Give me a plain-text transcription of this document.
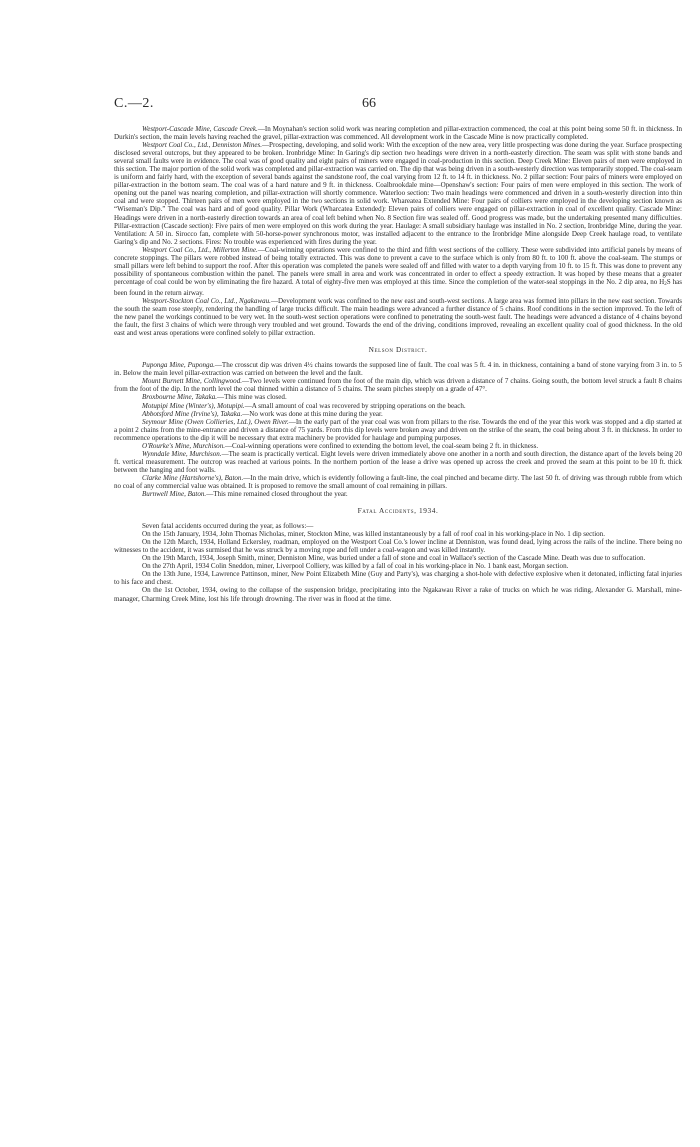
C.—2.	66

Westport-Cascade Mine, Cascade Creek.—In Moynahan's section solid work was nearing completion and pillar-extraction commenced, the coal at this point being some 50 ft. in thickness. In Durkin's section, the main levels having reached the gravel, pillar-extraction was commenced. All development work in the Cascade Mine is now practically completed.

Westport Coal Co., Ltd., Denniston Mines.—Prospecting, developing, and solid work: With the exception of the new area, very little prospecting was done during the year. Surface prospecting disclosed several outcrops, but they appeared to be broken. Ironbridge Mine: In Garing's dip section two headings were driven in a north-easterly direction. The seam was split with stone bands and several small faults were in evidence. The coal was of good quality and eight pairs of miners were engaged in coal-production in this section. Deep Creek Mine: Eleven pairs of men were employed in this section. The major portion of the solid work was completed and pillar-extraction was carried on. The dip that was being driven in a south-westerly direction was temporarily stopped. The coal-seam is uniform and fairly hard, with the exception of several bands against the sandstone roof, the coal varying from 12 ft. to 14 ft. in thickness. No. 2 pillar section: Four pairs of miners were employed on pillar-extraction in the bottom seam. The coal was of a hard nature and 9 ft. in thickness. Coalbrookdale mine—Openshaw's section: Four pairs of men were employed in this section. The work of opening out the panel was nearing completion, and pillar-extraction will shortly commence. Waterloo section: Two main headings were commenced and driven in a south-westerly direction into thin coal and were stopped. Thirteen pairs of men were employed in the two sections in solid work. Whareatea Extended Mine: Four pairs of colliers were employed in the developing section known as “Wiseman's Dip.” The coal was hard and of good quality. Pillar Work (Wharcatea Extended): Eleven pairs of colliers were engaged on pillar-extraction in coal of excellent quality. Cascade Mine: Headings were driven in a north-easterly direction towards an area of coal left behind when No. 8 Section fire was sealed off. Good progress was made, but the undertaking presented many difficulties. Pillar-extraction (Cascade section): Five pairs of men were employed on this work during the year. Haulage: A small subsidiary haulage was installed in No. 2 section, Ironbridge Mine, during the year. Ventilation: A 50 in. Sirocco fan, complete with 50-horse-power synchronous motor, was installed adjacent to the entrance to the Ironbridge Mine alongside Deep Creek haulage road, to ventilate Garing's dip and No. 2 sections. Fires: No trouble was experienced with fires during the year.

Westport Coal Co., Ltd., Millerton Mine.—Coal-winning operations were confined to the third and fifth west sections of the colliery. These were subdivided into artificial panels by means of concrete stoppings. The pillars were robbed instead of being totally extracted. This was done to prevent a cave to the surface which is only from 80 ft. to 100 ft. above the coal-seam. The stumps or small pillars were left behind to support the roof. After this operation was completed the panels were sealed off and filled with water to a depth varying from 10 ft. to 15 ft. This was done to prevent any possibility of spontaneous combustion within the panel. The panels were small in area and work was concentrated in order to effect a speedy extraction. It was hoped by these means that a greater percentage of coal could be won by eliminating the fire hazard. A total of eighty-five men was employed at this time. Since the completion of the water-seal stoppings in the No. 2 dip area, no H2S has been found in the return airway.

Westport-Stockton Coal Co., Ltd., Ngakawau.—Development work was confined to the new east and south-west sections. A large area was formed into pillars in the new east section. Towards the south the seam rose steeply, rendering the handling of large trucks difficult. The main headings were advanced a further distance of 5 chains. Roof conditions in the section improved. To the left of the new panel the workings continued to be very wet. In the south-west section operations were confined to penetrating the south-west fault. The headings were advanced a distance of 4 chains beyond the fault, the first 3 chains of which were through very troubled and wet ground. Towards the end of the driving, conditions improved, revealing an excellent quality coal of good thickness. In the old east and west areas operations were confined solely to pillar extraction.

Nelson District.

Puponga Mine, Puponga.—The crosscut dip was driven 4½ chains towards the supposed line of fault. The coal was 5 ft. 4 in. in thickness, containing a band of stone varying from 3 in. to 5 in. Below the main level pillar-extraction was carried on between the level and the fault.

Mount Burnett Mine, Collingwood.—Two levels were continued from the foot of the main dip, which was driven a distance of 7 chains. Going south, the bottom level struck a fault 8 chains from the foot of the dip. In the north level the coal thinned within a distance of 5 chains. The seam pitches steeply on a grade of 47°.

Broxbourne Mine, Takaka.—This mine was closed.

Motupipi Mine (Winter's), Motupipi.—A small amount of coal was recovered by stripping operations on the beach.

Abbotsford Mine (Irvine's), Takaka.—No work was done at this mine during the year.

Seymour Mine (Owen Collieries, Ltd.), Owen River.—In the early part of the year coal was won from pillars to the rise. Towards the end of the year this work was stopped and a dip started at a point 2 chains from the mine-entrance and driven a distance of 75 yards. From this dip levels were broken away and driven on the strike of the seam, the coal being about 3 ft. in thickness. In order to recommence operations to the dip it will be necessary that extra machinery be provided for haulage and pumping purposes.

O'Rourke's Mine, Murchison.—Coal-winning operations were confined to extending the bottom level, the coal-seam being 2 ft. in thickness.

Wynndale Mine, Murchison.—The seam is practically vertical. Eight levels were driven immediately above one another in a north and south direction, the distance apart of the levels being 20 ft. vertical measurement. The outcrop was reached at various points. In the northern portion of the lease a drive was opened up across the creek and proved the seam at this point to be 10 ft. thick between the hanging and foot walls.

Clarke Mine (Hartshorne's), Baton.—In the main drive, which is evidently following a fault-line, the coal pinched and became dirty. The last 50 ft. of driving was through rubble from which no coal of any commercial value was obtained. It is proposed to remove the small amount of coal remaining in pillars.

Burnwell Mine, Baton.—This mine remained closed throughout the year.

Fatal Accidents, 1934.

Seven fatal accidents occurred during the year, as follows:—

On the 15th January, 1934, John Thomas Nicholas, miner, Stockton Mine, was killed instantaneously by a fall of roof coal in his working-place in No. 1 dip section.

On the 12th March, 1934, Holland Eckersley, roadman, employed on the Westport Coal Co.'s lower incline at Denniston, was found dead, lying across the rails of the incline. There being no witnesses to the accident, it was surmised that he was struck by a moving rope and fell under a coal-wagon and was killed instantly.

On the 19th March, 1934, Joseph Smith, miner, Denniston Mine, was buried under a fall of stone and coal in Wallace's section of the Cascade Mine. Death was due to suffocation.

On the 27th April, 1934 Colin Sneddon, miner, Liverpool Colliery, was killed by a fall of coal in his working-place in No. 1 bank east, Morgan section.

On the 13th June, 1934, Lawrence Pattinson, miner, New Point Elizabeth Mine (Guy and Party's), was charging a shot-hole with defective explosive when it detonated, inflicting fatal injuries to his face and chest.

On the 1st October, 1934, owing to the collapse of the suspension bridge, precipitating into the Ngakawau River a rake of trucks on which he was riding, Alexander G. Marshall, mine-manager, Charming Creek Mine, lost his life through drowning. The river was in flood at the time.
